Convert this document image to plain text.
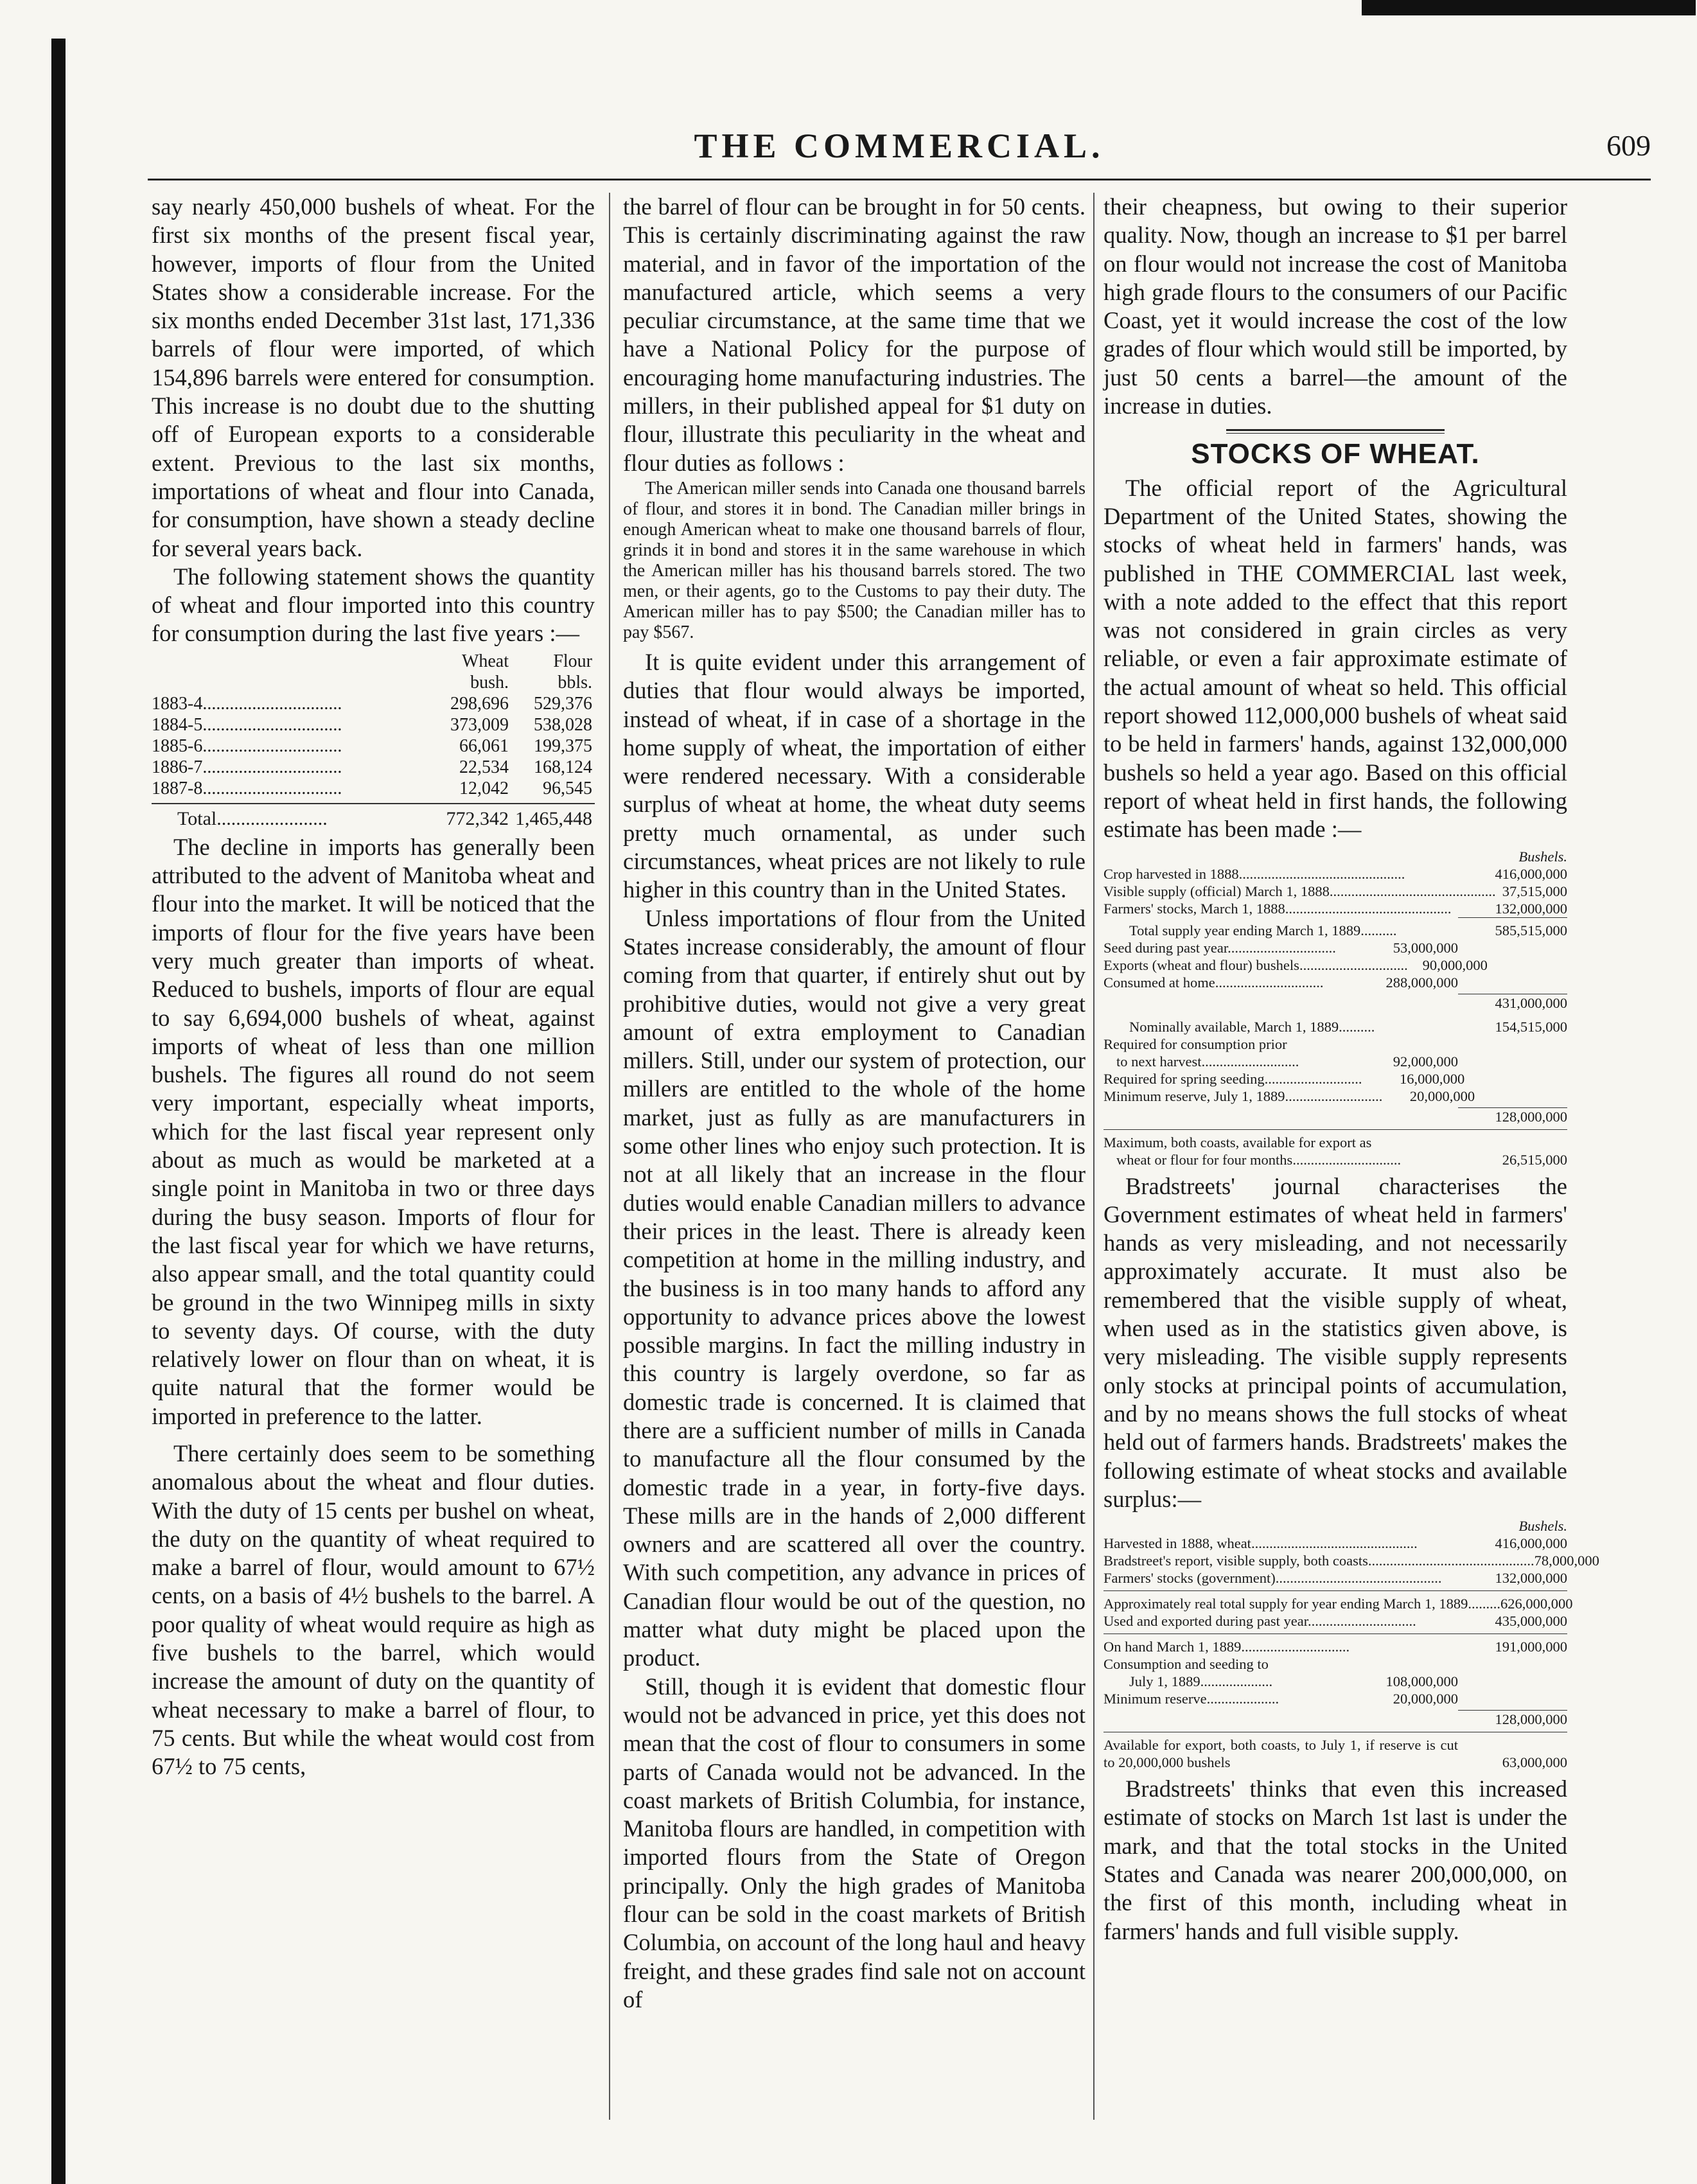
THE COMMERCIAL.	609

say nearly 450,000 bushels of wheat. For the first six months of the present fiscal year, however, imports of flour from the United States show a considerable increase. For the six months ended December 31st last, 171,336 barrels of flour were imported, of which 154,896 barrels were entered for consumption. This increase is no doubt due to the shutting off of European exports to a considerable extent. Previous to the last six months, importations of wheat and flour into Canada, for consumption, have shown a steady decline for several years back.

The following statement shows the quantity of wheat and flour imported into this country for consumption during the last five years :—

Wheat	Flour
bush.	bbls.
1883-4...............................	298,696	529,376
1884-5...............................	373,009	538,028
1885-6...............................	66,061	199,375
1886-7...............................	22,534	168,124
1887-8...............................	12,042	96,545
Total.......................	772,342 1,465,448

The decline in imports has generally been attributed to the advent of Manitoba wheat and flour into the market. It will be noticed that the imports of flour for the five years have been very much greater than imports of wheat. Reduced to bushels, imports of flour are equal to say 6,694,000 bushels of wheat, against imports of wheat of less than one million bushels. The figures all round do not seem very important, especially wheat imports, which for the last fiscal year represent only about as much as would be marketed at a single point in Manitoba in two or three days during the busy season. Imports of flour for the last fiscal year for which we have returns, also appear small, and the total quantity could be ground in the two Winnipeg mills in sixty to seventy days. Of course, with the duty relatively lower on flour than on wheat, it is quite natural that the former would be imported in preference to the latter.

There certainly does seem to be something anomalous about the wheat and flour duties. With the duty of 15 cents per bushel on wheat, the duty on the quantity of wheat required to make a barrel of flour, would amount to 67½ cents, on a basis of 4½ bushels to the barrel. A poor quality of wheat would require as high as five bushels to the barrel, which would increase the amount of duty on the quantity of wheat necessary to make a barrel of flour, to 75 cents. But while the wheat would cost from 67½ to 75 cents,

the barrel of flour can be brought in for 50 cents. This is certainly discriminating against the raw material, and in favor of the importation of the manufactured article, which seems a very peculiar circumstance, at the same time that we have a National Policy for the purpose of encouraging home manufacturing industries. The millers, in their published appeal for $1 duty on flour, illustrate this peculiarity in the wheat and flour duties as follows :

The American miller sends into Canada one thousand barrels of flour, and stores it in bond. The Canadian miller brings in enough American wheat to make one thousand barrels of flour, grinds it in bond and stores it in the same warehouse in which the American miller has his thousand barrels stored. The two men, or their agents, go to the Customs to pay their duty. The American miller has to pay $500; the Canadian miller has to pay $567.

It is quite evident under this arrangement of duties that flour would always be imported, instead of wheat, if in case of a shortage in the home supply of wheat, the importation of either were rendered necessary. With a considerable surplus of wheat at home, the wheat duty seems pretty much ornamental, as under such circumstances, wheat prices are not likely to rule higher in this country than in the United States.

Unless importations of flour from the United States increase considerably, the amount of flour coming from that quarter, if entirely shut out by prohibitive duties, would not give a very great amount of extra employment to Canadian millers. Still, under our system of protection, our millers are entitled to the whole of the home market, just as fully as are manufacturers in some other lines who enjoy such protection. It is not at all likely that an increase in the flour duties would enable Canadian millers to advance their prices in the least. There is already keen competition at home in the milling industry, and the business is in too many hands to afford any opportunity to advance prices above the lowest possible margins. In fact the milling industry in this country is largely overdone, so far as domestic trade is concerned. It is claimed that there are a sufficient number of mills in Canada to manufacture all the flour consumed by the domestic trade in a year, in forty-five days. These mills are in the hands of 2,000 different owners and are scattered all over the country. With such competition, any advance in prices of Canadian flour would be out of the question, no matter what duty might be placed upon the product.

Still, though it is evident that domestic flour would not be advanced in price, yet this does not mean that the cost of flour to consumers in some parts of Canada would not be advanced. In the coast markets of British Columbia, for instance, Manitoba flours are handled, in competition with imported flours from the State of Oregon principally. Only the high grades of Manitoba flour can be sold in the coast markets of British Columbia, on account of the long haul and heavy freight, and these grades find sale not on account of

their cheapness, but owing to their superior quality. Now, though an increase to $1 per barrel on flour would not increase the cost of Manitoba high grade flours to the consumers of our Pacific Coast, yet it would increase the cost of the low grades of flour which would still be imported, by just 50 cents a barrel—the amount of the increase in duties.

STOCKS OF WHEAT.

The official report of the Agricultural Department of the United States, showing the stocks of wheat held in farmers' hands, was published in THE COMMERCIAL last week, with a note added to the effect that this report was not considered in grain circles as very reliable, or even a fair approximate estimate of the actual amount of wheat so held. This official report showed 112,000,000 bushels of wheat said to be held in farmers' hands, against 132,000,000 bushels so held a year ago. Based on this official report of wheat held in first hands, the following estimate has been made :—

Bushels.
Crop harvested in 1888..............................................	416,000,000
Visible supply (official) March 1, 1888.............................................. 37,515,000
Farmers' stocks, March 1, 1888..............................................	132,000,000
Total supply year ending March 1, 1889..........	585,515,000
Seed during past year..............................	53,000,000
Exports (wheat and flour) bushels..............................	90,000,000
Consumed at home..............................	288,000,000
431,000,000
Nominally available, March 1, 1889..........	154,515,000
Required for consumption prior
to next harvest...........................	92,000,000
Required for spring seeding...........................	16,000,000
Minimum reserve, July 1, 1889...........................	20,000,000
128,000,000
Maximum, both coasts, available for export as
wheat or flour for four months..............................	26,515,000

Bradstreets' journal characterises the Government estimates of wheat held in farmers' hands as very misleading, and not necessarily approximately accurate. It must also be remembered that the visible supply of wheat, when used as in the statistics given above, is very misleading. The visible supply represents only stocks at principal points of accumulation, and by no means shows the full stocks of wheat held out of farmers hands. Bradstreets' makes the following estimate of wheat stocks and available surplus:—

Bushels.
Harvested in 1888, wheat..............................................	416,000,000
Bradstreet's report, visible supply, both coasts.............................................. 78,000,000
Farmers' stocks (government)..............................................	132,000,000
Approximately real total supply for year ending March 1, 1889......... 626,000,000
Used and exported during past year..............................	435,000,000
On hand March 1, 1889..............................	191,000,000
Consumption and seeding to
July 1, 1889....................	108,000,000
Minimum reserve....................	20,000,000
128,000,000
Available for export, both coasts, to July 1, if reserve is cut to 20,000,000 bushels	63,000,000

Bradstreets' thinks that even this increased estimate of stocks on March 1st last is under the mark, and that the total stocks in the United States and Canada was nearer 200,000,000, on the first of this month, including wheat in farmers' hands and full visible supply.
